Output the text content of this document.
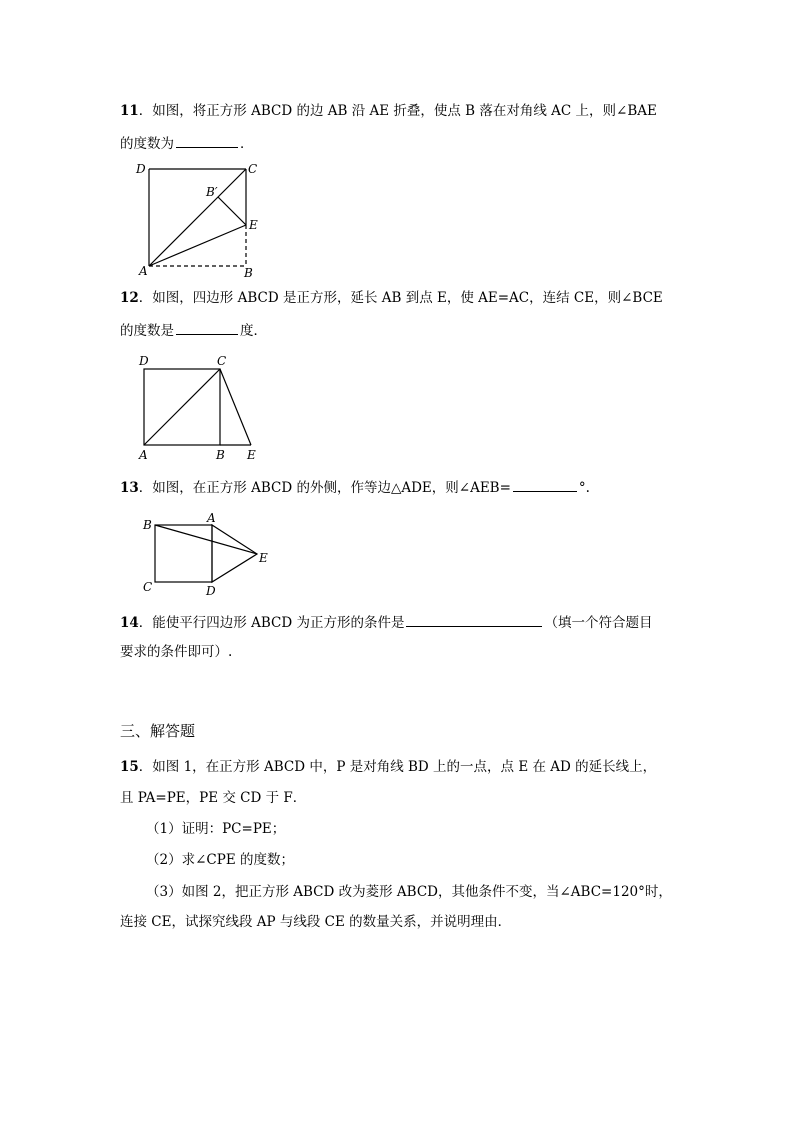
11．如图，将正方形 ABCD 的边 AB 沿 AE 折叠，使点 B 落在对角线 AC 上，则∠BAE
的度数为	．
D	C
B′
E
A	B
12．如图，四边形 ABCD 是正方形，延长 AB 到点 E，使 AE=AC，连结 CE，则∠BCE
的度数是	度．
D	C
A	B E
13．如图，在正方形 ABCD 的外侧，作等边△ADE，则∠AEB=	°.
B	A
E
C	D
14．能使平行四边形 ABCD 为正方形的条件是	（填一个符合题目
要求的条件即可）.
三、解答题
15．如图 1，在正方形 ABCD 中，P 是对角线 BD 上的一点，点 E 在 AD 的延长线上，
且 PA=PE，PE 交 CD 于 F．
（1）证明：PC=PE；
（2）求∠CPE 的度数；
（3）如图 2，把正方形 ABCD 改为菱形 ABCD，其他条件不变，当∠ABC=120°时，
连接 CE，试探究线段 AP 与线段 CE 的数量关系，并说明理由．
